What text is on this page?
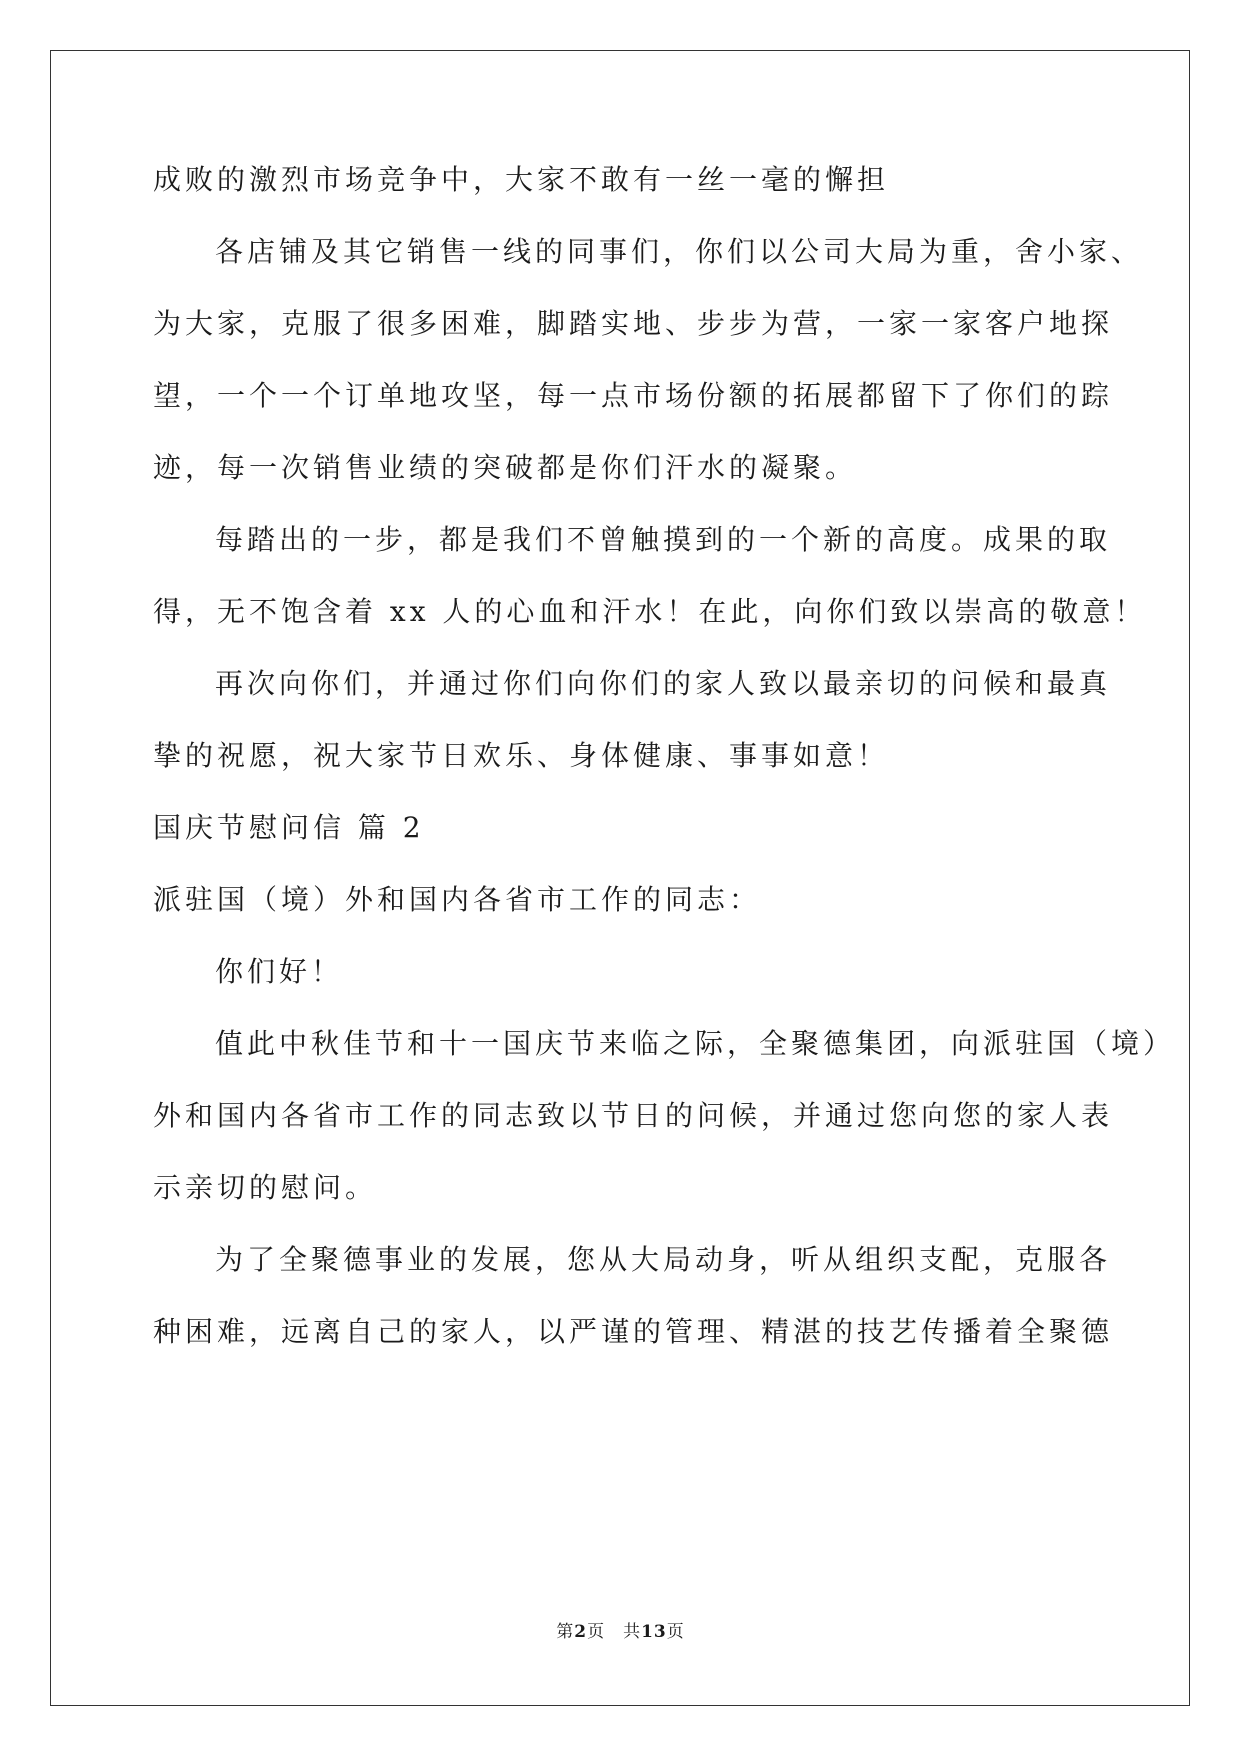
成败的激烈市场竞争中，大家不敢有一丝一毫的懈担
各店铺及其它销售一线的同事们，你们以公司大局为重，舍小家、
为大家，克服了很多困难，脚踏实地、步步为营，一家一家客户地探
望，一个一个订单地攻坚，每一点市场份额的拓展都留下了你们的踪
迹，每一次销售业绩的突破都是你们汗水的凝聚。
每踏出的一步，都是我们不曾触摸到的一个新的高度。成果的取
得，无不饱含着 xx 人的心血和汗水！在此，向你们致以崇高的敬意！
再次向你们，并通过你们向你们的家人致以最亲切的问候和最真
挚的祝愿，祝大家节日欢乐、身体健康、事事如意！
国庆节慰问信 篇 2
派驻国（境）外和国内各省市工作的同志：
你们好！
值此中秋佳节和十一国庆节来临之际，全聚德集团，向派驻国（境）
外和国内各省市工作的同志致以节日的问候，并通过您向您的家人表
示亲切的慰问。
为了全聚德事业的发展，您从大局动身，听从组织支配，克服各
种困难，远离自己的家人，以严谨的管理、精湛的技艺传播着全聚德
第2页 共13页
